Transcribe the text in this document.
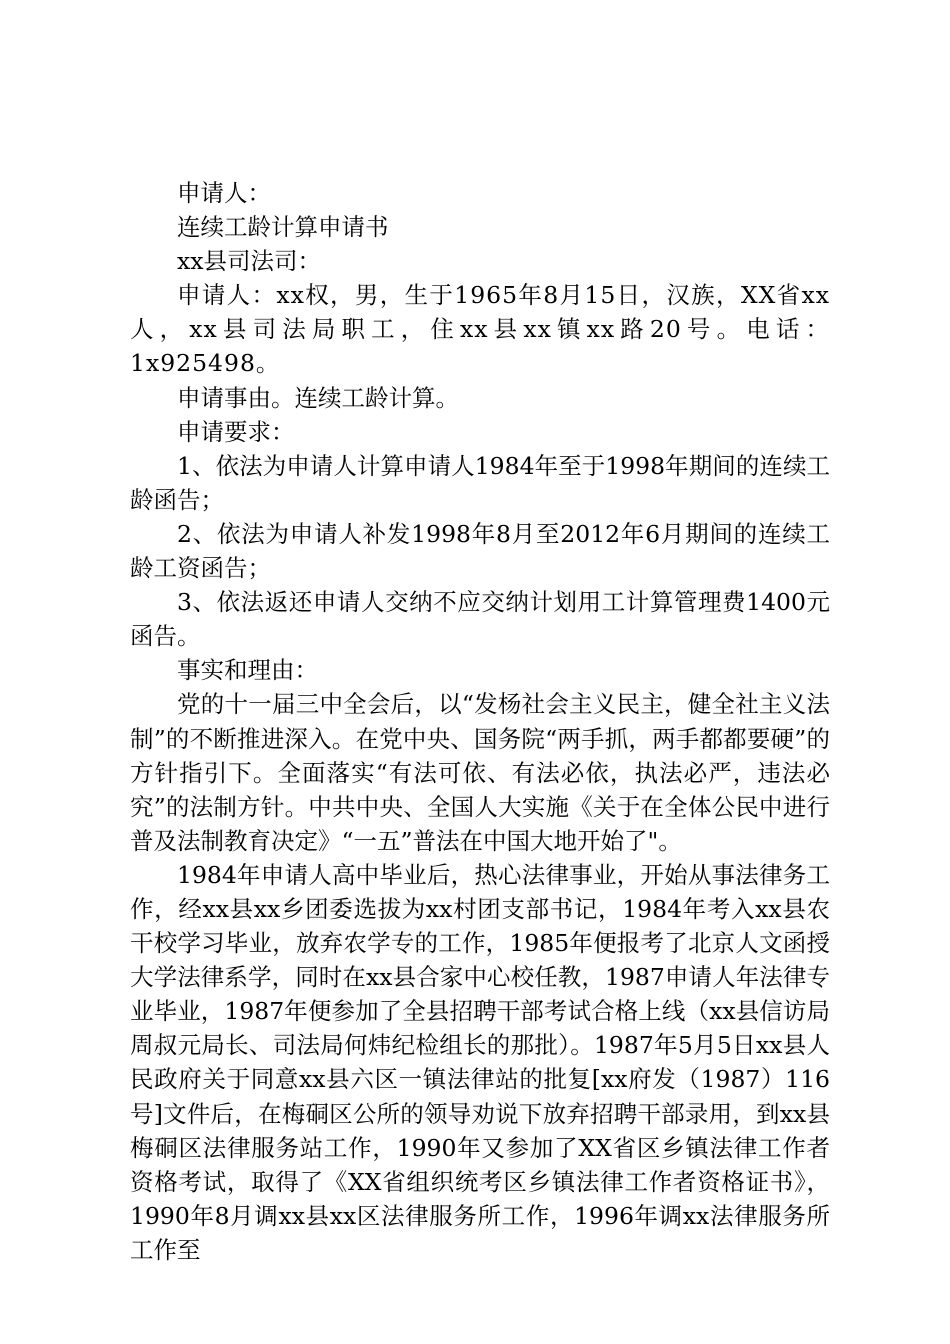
申请人：

连续工龄计算申请书

xx县司法司：

申请人：xx权，男，生于1965年8月15日，汉族，XX省xx人，xx县司法局职工，住xx县xx镇xx路20号。电话：1x925498。

申请事由。连续工龄计算。

申请要求：

1、依法为申请人计算申请人1984年至于1998年期间的连续工龄函告；

2、依法为申请人补发1998年8月至2012年6月期间的连续工龄工资函告；

3、依法返还申请人交纳不应交纳计划用工计算管理费1400元函告。

事实和理由：

党的十一届三中全会后，以“发杨社会主义民主，健全社主义法制”的不断推进深入。在党中央、国务院“两手抓，两手都都要硬”的方针指引下。全面落实“有法可依、有法必依，执法必严，违法必究”的法制方针。中共中央、全国人大实施《关于在全体公民中进行普及法制教育决定》“一五”普法在中国大地开始了"。

1984年申请人高中毕业后，热心法律事业，开始从事法律务工作，经xx县xx乡团委选拔为xx村团支部书记，1984年考入xx县农干校学习毕业，放弃农学专的工作，1985年便报考了北京人文函授大学法律系学，同时在xx县合家中心校任教，1987申请人年法律专业毕业，1987年便参加了全县招聘干部考试合格上线（xx县信访局周叔元局长、司法局何炜纪检组长的那批）。1987年5月5日xx县人民政府关于同意xx县六区一镇法律站的批复[xx府发（1987）116号]文件后，在梅硐区公所的领导劝说下放弃招聘干部录用，到xx县梅硐区法律服务站工作，1990年又参加了XX省区乡镇法律工作者资格考试，取得了《XX省组织统考区乡镇法律工作者资格证书》，1990年8月调xx县xx区法律服务所工作，1996年调xx法律服务所工作至
